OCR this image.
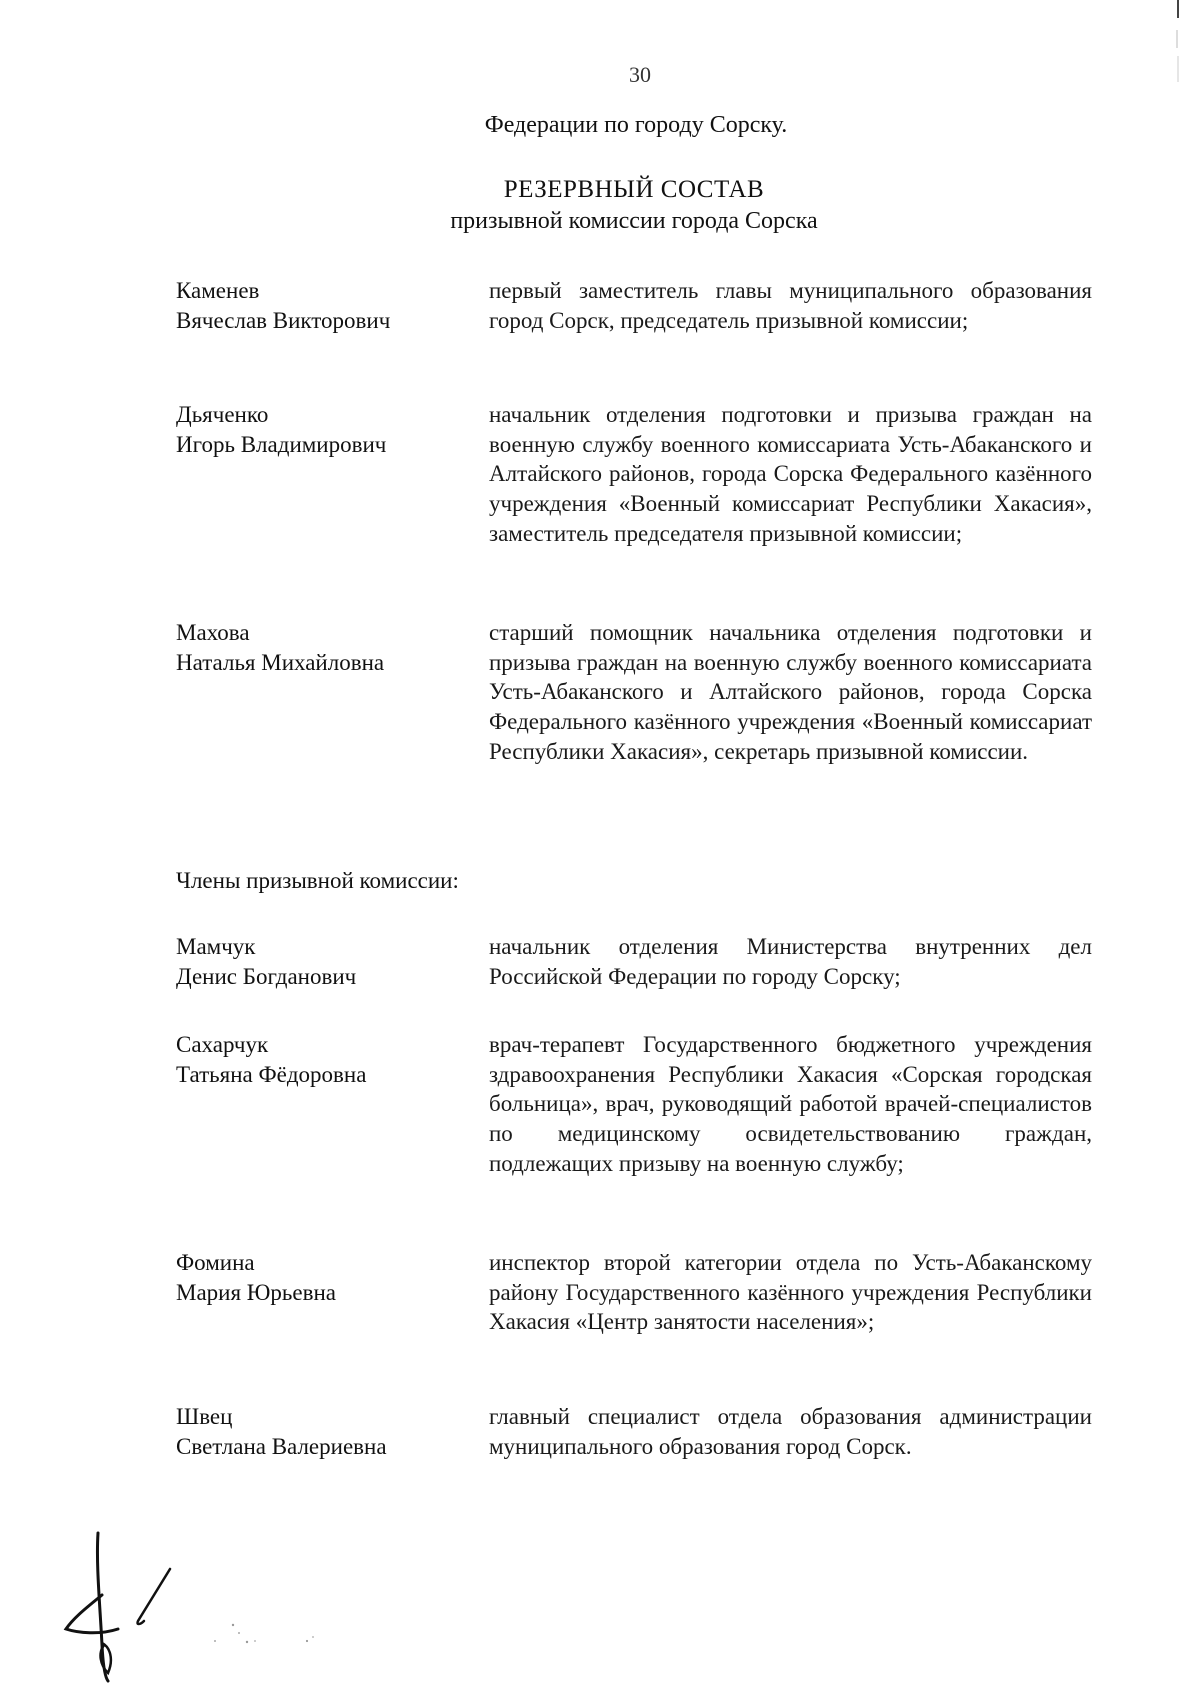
30
Федерации по городу Сорску.
РЕЗЕРВНЫЙ СОСТАВ
призывной комиссии города Сорска
Каменев
Вячеслав Викторович
первый заместитель главы муниципального образования город Сорск, председатель призывной комиссии;
Дьяченко
Игорь Владимирович
начальник отделения подготовки и призыва граждан на военную службу военного комиссариата Усть-Абаканского и Алтайского районов, города Сорска Федерального казённого учреждения «Военный комиссариат Республики Хакасия», заместитель председателя призывной комиссии;
Махова
Наталья Михайловна
старший помощник начальника отделения подготовки и призыва граждан на военную службу военного комиссариата Усть-Абаканского и Алтайского районов, города Сорска Федерального казённого учреждения «Военный комиссариат Республики Хакасия», секретарь призывной комиссии.
Члены призывной комиссии:
Мамчук
Денис Богданович
начальник отделения Министерства внутренних дел Российской Федерации по городу Сорску;
Сахарчук
Татьяна Фёдоровна
врач-терапевт Государственного бюджетного учреждения здравоохранения Республики Хакасия «Сорская городская больница», врач, руководящий работой врачей-специалистов по медицинскому освидетельствованию граждан, подлежащих призыву на военную службу;
Фомина
Мария Юрьевна
инспектор второй категории отдела по Усть-Абаканскому району Государственного казённого учреждения Республики Хакасия «Центр занятости населения»;
Швец
Светлана Валериевна
главный специалист отдела образования администрации муниципального образования город Сорск.
